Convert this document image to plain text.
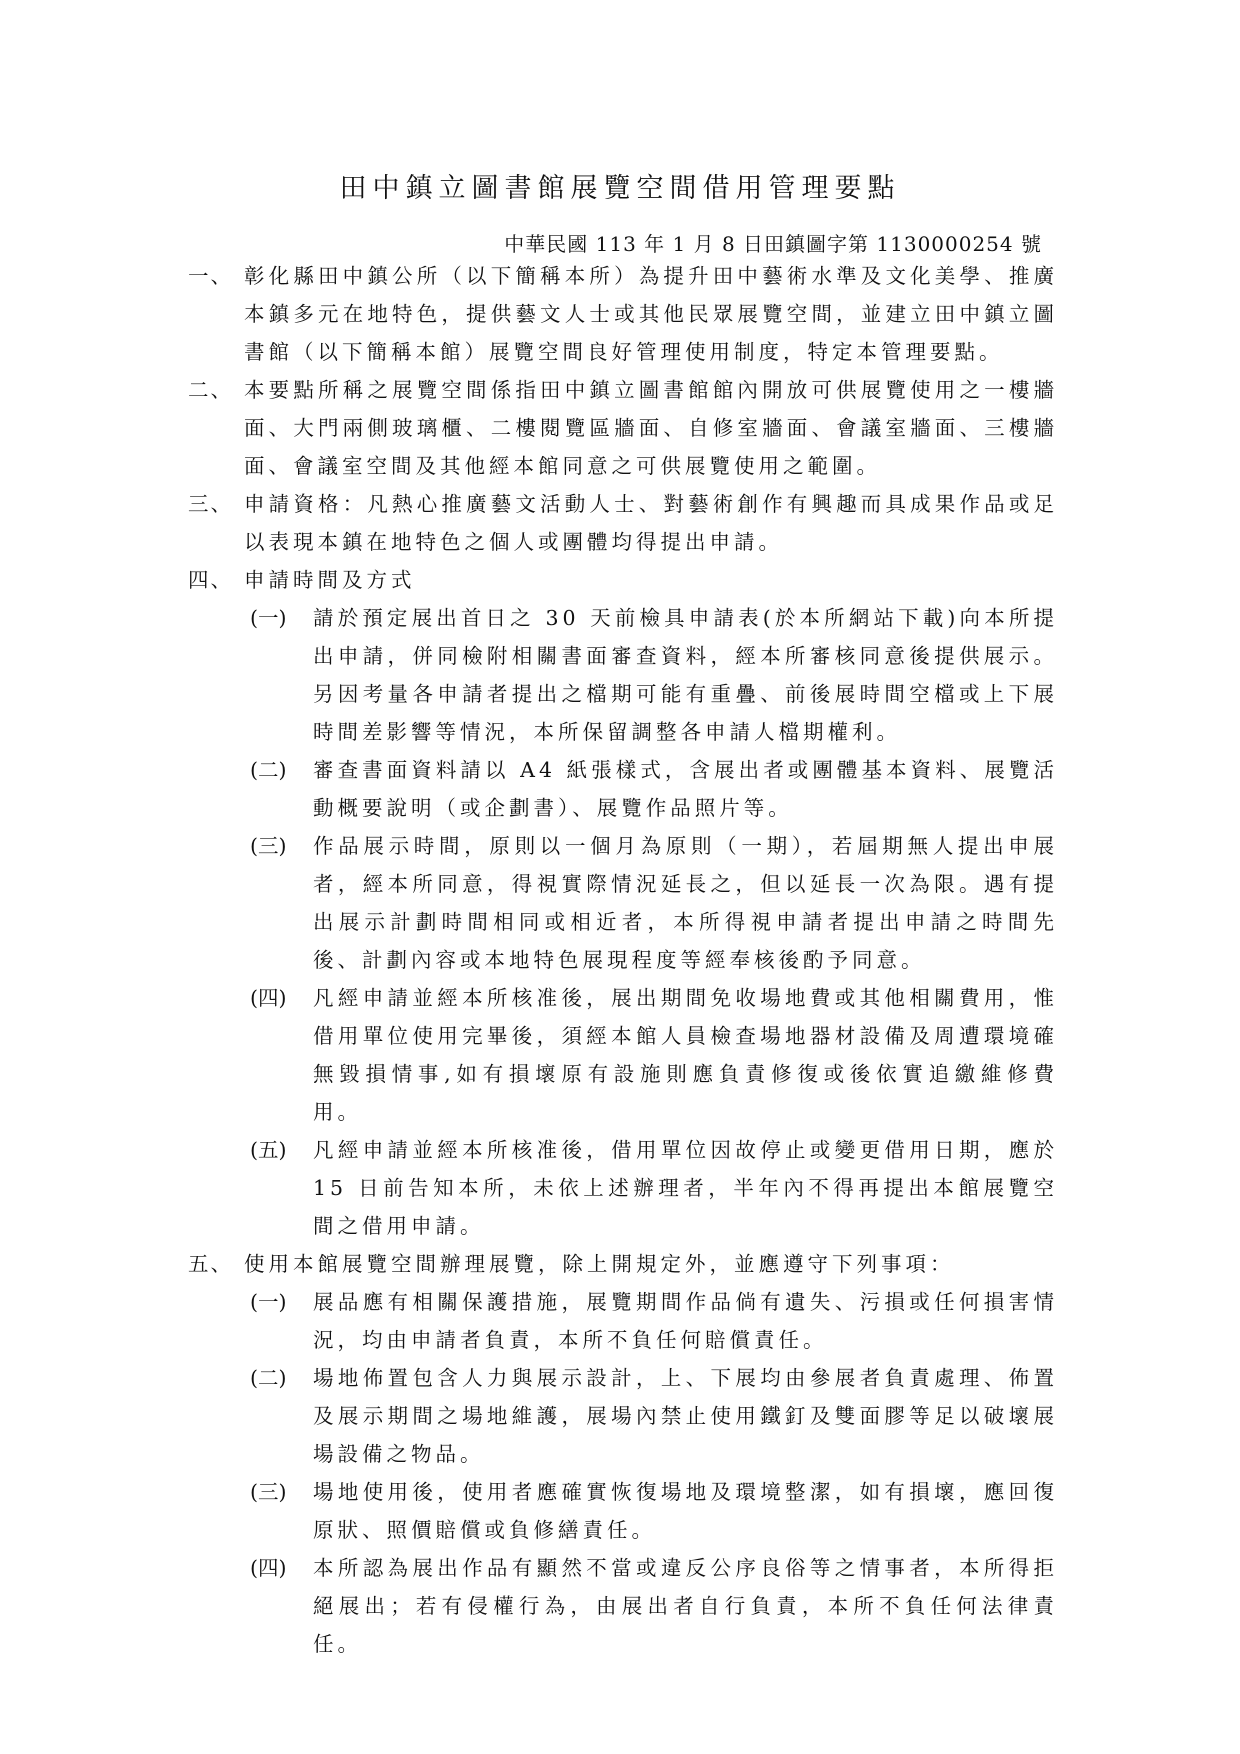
田中鎮立圖書館展覽空間借用管理要點
中華民國 113 年 1 月 8 日田鎮圖字第 1130000254 號
一、 彰化縣田中鎮公所（以下簡稱本所）為提升田中藝術水準及文化美學、推廣本鎮多元在地特色，提供藝文人士或其他民眾展覽空間，並建立田中鎮立圖書館（以下簡稱本館）展覽空間良好管理使用制度，特定本管理要點。
二、 本要點所稱之展覽空間係指田中鎮立圖書館館內開放可供展覽使用之一樓牆面、大門兩側玻璃櫃、二樓閱覽區牆面、自修室牆面、會議室牆面、三樓牆面、會議室空間及其他經本館同意之可供展覽使用之範圍。
三、 申請資格：凡熱心推廣藝文活動人士、對藝術創作有興趣而具成果作品或足以表現本鎮在地特色之個人或團體均得提出申請。
四、 申請時間及方式
(一) 請於預定展出首日之 30 天前檢具申請表(於本所網站下載)向本所提出申請，併同檢附相關書面審查資料，經本所審核同意後提供展示。另因考量各申請者提出之檔期可能有重疊、前後展時間空檔或上下展時間差影響等情況，本所保留調整各申請人檔期權利。
(二) 審查書面資料請以 A4 紙張樣式，含展出者或團體基本資料、展覽活動概要說明（或企劃書）、展覽作品照片等。
(三) 作品展示時間，原則以一個月為原則（一期），若屆期無人提出申展者，經本所同意，得視實際情況延長之，但以延長一次為限。遇有提出展示計劃時間相同或相近者，本所得視申請者提出申請之時間先後、計劃內容或本地特色展現程度等經奉核後酌予同意。
(四) 凡經申請並經本所核准後，展出期間免收場地費或其他相關費用，惟借用單位使用完畢後，須經本館人員檢查場地器材設備及周遭環境確無毀損情事,如有損壞原有設施則應負責修復或後依實追繳維修費用。
(五) 凡經申請並經本所核准後，借用單位因故停止或變更借用日期，應於15 日前告知本所，未依上述辦理者，半年內不得再提出本館展覽空間之借用申請。
五、 使用本館展覽空間辦理展覽，除上開規定外，並應遵守下列事項：
(一) 展品應有相關保護措施，展覽期間作品倘有遺失、污損或任何損害情況，均由申請者負責，本所不負任何賠償責任。
(二) 場地佈置包含人力與展示設計，上、下展均由參展者負責處理、佈置及展示期間之場地維護，展場內禁止使用鐵釘及雙面膠等足以破壞展場設備之物品。
(三) 場地使用後，使用者應確實恢復場地及環境整潔，如有損壞，應回復原狀、照價賠償或負修繕責任。
(四) 本所認為展出作品有顯然不當或違反公序良俗等之情事者，本所得拒絕展出；若有侵權行為，由展出者自行負責，本所不負任何法律責任。
